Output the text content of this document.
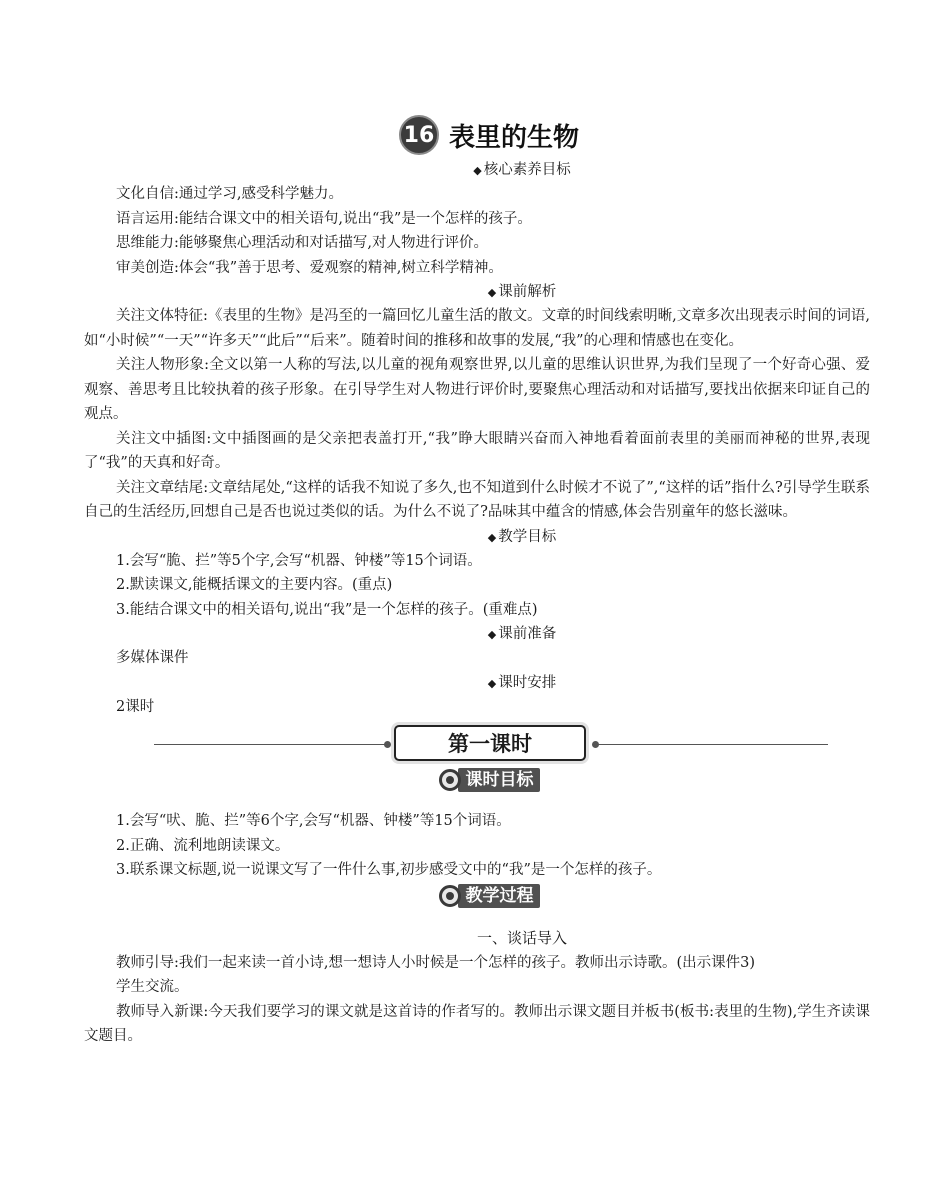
16 表里的生物
◆ 核心素养目标
文化自信:通过学习,感受科学魅力。
语言运用:能结合课文中的相关语句,说出“我”是一个怎样的孩子。
思维能力:能够聚焦心理活动和对话描写,对人物进行评价。
审美创造:体会“我”善于思考、爱观察的精神,树立科学精神。
◆ 课前解析

关注文体特征:《表里的生物》是冯至的一篇回忆儿童生活的散文。文章的时间线索明晰,文章多次出现表示时间的词语,如“小时候”“一天”“许多天”“此后”“后来”。随着时间的推移和故事的发展,“我”的心理和情感也在变化。

关注人物形象:全文以第一人称的写法,以儿童的视角观察世界,以儿童的思维认识世界,为我们呈现了一个好奇心强、爱观察、善思考且比较执着的孩子形象。在引导学生对人物进行评价时,要聚焦心理活动和对话描写,要找出依据来印证自己的观点。

关注文中插图:文中插图画的是父亲把表盖打开,“我”睁大眼睛兴奋而入神地看着面前表里的美丽而神秘的世界,表现了“我”的天真和好奇。

关注文章结尾:文章结尾处,“这样的话我不知说了多久,也不知道到什么时候才不说了”,“这样的话”指什么?引导学生联系自己的生活经历,回想自己是否也说过类似的话。为什么不说了?品味其中蕴含的情感,体会告别童年的悠长滋味。

◆ 教学目标
1.会写“脆、拦”等5个字,会写“机器、钟楼”等15个词语。
2.默读课文,能概括课文的主要内容。(重点)
3.能结合课文中的相关语句,说出“我”是一个怎样的孩子。(重难点)
◆ 课前准备
多媒体课件
◆ 课时安排
2课时
第一课时
课时目标
1.会写“吠、脆、拦”等6个字,会写“机器、钟楼”等15个词语。
2.正确、流利地朗读课文。
3.联系课文标题,说一说课文写了一件什么事,初步感受文中的“我”是一个怎样的孩子。
教学过程
一、谈话导入

教师引导:我们一起来读一首小诗,想一想诗人小时候是一个怎样的孩子。教师出示诗歌。(出示课件3)

学生交流。

教师导入新课:今天我们要学习的课文就是这首诗的作者写的。教师出示课文题目并板书(板书:表里的生物),学生齐读课文题目。
